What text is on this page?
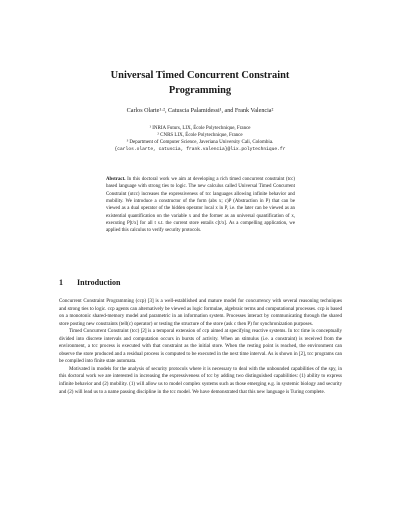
Universal Timed Concurrent Constraint
Programming
Carlos Olarte¹·², Catuscia Palamidessi¹, and Frank Valencia²
¹ INRIA Futurs, LIX, École Polytechnique, France
² CNRS LIX, École Polytechnique, France
³ Department of Computer Science, Javeriana University Cali, Colombia.
{carlos.olarte, catuscia, frank.valencia}@lix.polytechnique.fr
Abstract. In this doctoral work we aim at developing a rich timed concurrent constraint (tcc) based language with strong ties to logic. The new calculus called Universal Timed Concurrent Constraint (utcc) increases the expressiveness of tcc languages allowing infinite behavior and mobility. We introduce a constructor of the form (abs x; c)P (Abstraction in P) that can be viewed as a dual operator of the hidden operator local x in P, i.e. the later can be viewed as an existential quantification on the variable x and the former as an universal quantification of x, executing P[t/x] for all t s.t. the current store entails c[t/x]. As a compelling application, we applied this calculus to verify security protocols.
1 Introduction

Concurrent Constraint Programming (ccp) [3] is a well-established and mature model for concurrency with several reasoning techniques and strong ties to logic. ccp agents can alternatively be viewed as logic formulae, algebraic terms and computational processes. ccp is based on a monotonic shared-memory model and parametric in an information system. Processes interact by communicating through the shared store posting new constraints (tell(c) operator) or testing the structure of the store (ask c then P) for synchronization purposes.

Timed Concurrent Constraint (tcc) [2] is a temporal extension of ccp aimed at specifying reactive systems. In tcc time is conceptually divided into discrete intervals and computation occurs in bursts of activity. When an stimulus (i.e. a constraint) is received from the environment, a tcc process is executed with that constraint as the initial store. When the resting point is reached, the environment can observe the store produced and a residual process is computed to be executed in the next time interval. As is shown in [2], tcc programs can be compiled into finite state automata.

Motivated in models for the analysis of security protocols where it is necessary to deal with the unbounded capabilities of the spy, in this doctoral work we are interested in increasing the expressiveness of tcc by adding two distinguished capabilities: (1) ability to express infinite behavior and (2) mobility. (1) will allow us to model complex systems such as those emerging e.g. in systemic biology and security and (2) will lead us to a name passing discipline in the tcc model. We have demonstrated that this new language is Turing complete.
